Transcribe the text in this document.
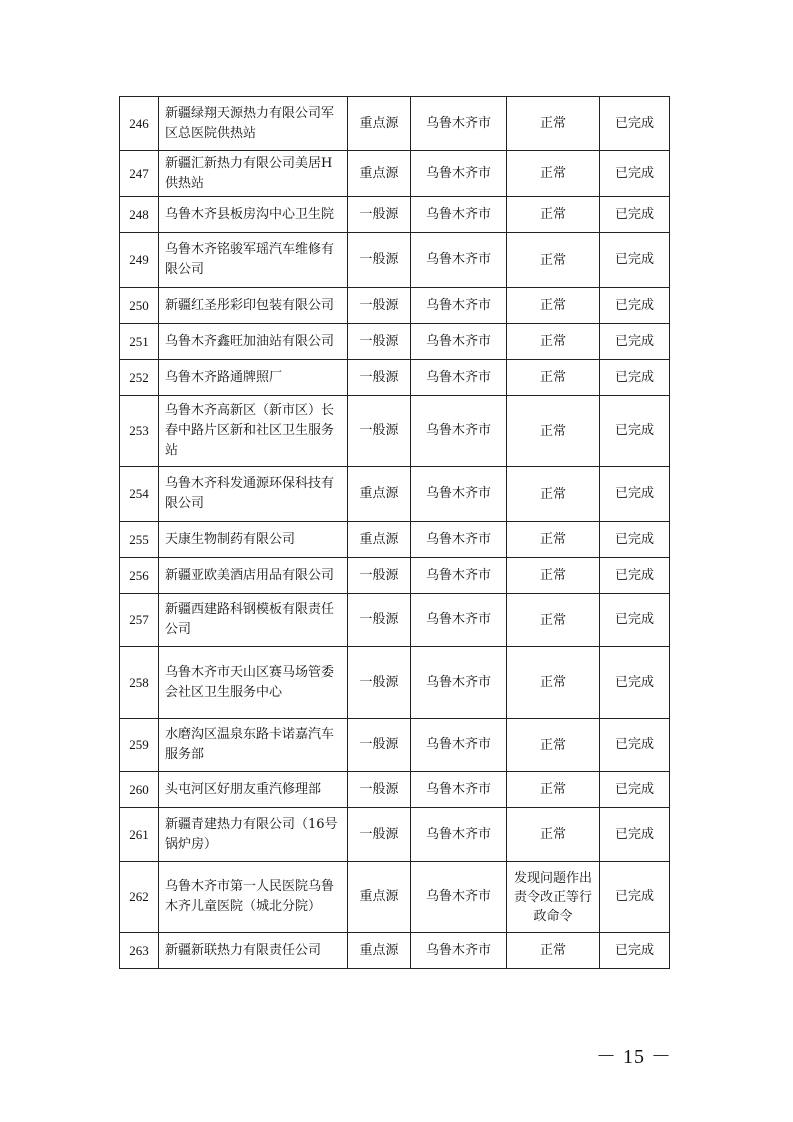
246	新疆绿翔天源热力有限公司军区总医院供热站	重点源	乌鲁木齐市	正常	已完成
247	新疆汇新热力有限公司美居H供热站	重点源	乌鲁木齐市	正常	已完成
248	乌鲁木齐县板房沟中心卫生院	一般源	乌鲁木齐市	正常	已完成
249	乌鲁木齐铭骏军瑶汽车维修有限公司	一般源	乌鲁木齐市	正常	已完成
250	新疆红圣彤彩印包装有限公司	一般源	乌鲁木齐市	正常	已完成
251	乌鲁木齐鑫旺加油站有限公司	一般源	乌鲁木齐市	正常	已完成
252	乌鲁木齐路通牌照厂	一般源	乌鲁木齐市	正常	已完成
253	乌鲁木齐高新区（新市区）长春中路片区新和社区卫生服务站	一般源	乌鲁木齐市	正常	已完成
254	乌鲁木齐科发通源环保科技有限公司	重点源	乌鲁木齐市	正常	已完成
255	天康生物制药有限公司	重点源	乌鲁木齐市	正常	已完成
256	新疆亚欧美酒店用品有限公司	一般源	乌鲁木齐市	正常	已完成
257	新疆西建路科钢模板有限责任公司	一般源	乌鲁木齐市	正常	已完成
258	乌鲁木齐市天山区赛马场管委会社区卫生服务中心	一般源	乌鲁木齐市	正常	已完成
259	水磨沟区温泉东路卡诺嘉汽车服务部	一般源	乌鲁木齐市	正常	已完成
260	头屯河区好朋友重汽修理部	一般源	乌鲁木齐市	正常	已完成
261	新疆青建热力有限公司（16号锅炉房）	一般源	乌鲁木齐市	正常	已完成
262	乌鲁木齐市第一人民医院乌鲁木齐儿童医院（城北分院）	重点源	乌鲁木齐市	发现问题作出责令改正等行政命令	已完成
263	新疆新联热力有限责任公司	重点源	乌鲁木齐市	正常	已完成
－ 15 －
